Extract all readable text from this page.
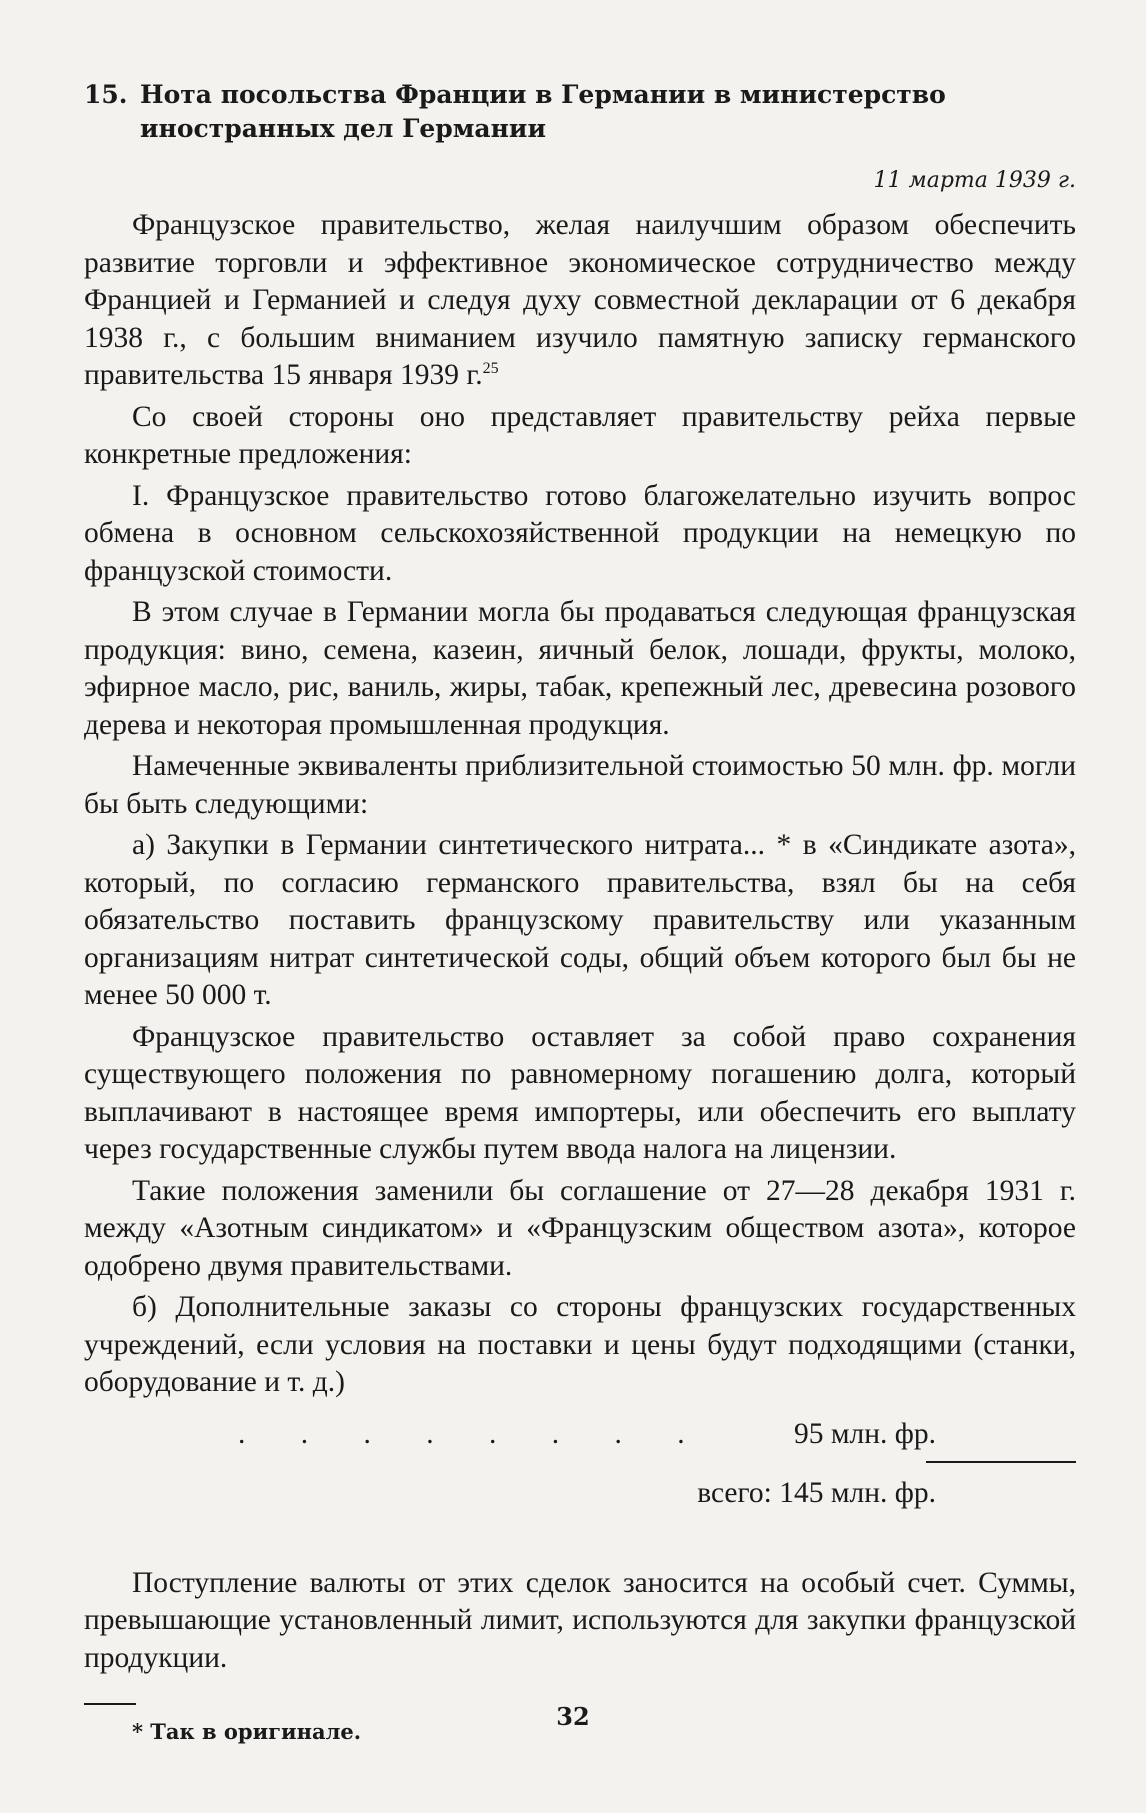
15. Нота посольства Франции в Германии в министерство иностранных дел Германии
11 марта 1939 г.

Французское правительство, желая наилучшим образом обеспечить развитие торговли и эффективное экономическое сотрудничество между Францией и Германией и следуя духу совместной декларации от 6 декабря 1938 г., с большим вниманием изучило памятную записку германского правительства 15 января 1939 г.$^{25}$

Со своей стороны оно представляет правительству рейха первые конкретные предложения:

I. Французское правительство готово благожелательно изучить вопрос обмена в основном сельскохозяйственной продукции на немецкую по французской стоимости.

В этом случае в Германии могла бы продаваться следующая французская продукция: вино, семена, казеин, яичный белок, лошади, фрукты, молоко, эфирное масло, рис, ваниль, жиры, табак, крепежный лес, древесина розового дерева и некоторая промышленная продукция.

Намеченные эквиваленты приблизительной стоимостью 50 млн. фр. могли бы быть следующими:

а) Закупки в Германии синтетического нитрата... * в «Синдикате азота», который, по согласию германского правительства, взял бы на себя обязательство поставить французскому правительству или указанным организациям нитрат синтетической соды, общий объем которого был бы не менее 50 000 т.

Французское правительство оставляет за собой право сохранения существующего положения по равномерному погашению долга, который выплачивают в настоящее время импортеры, или обеспечить его выплату через государственные службы путем ввода налога на лицензии.

Такие положения заменили бы соглашение от 27—28 декабря 1931 г. между «Азотным синдикатом» и «Французским обществом азота», которое одобрено двумя правительствами.

б) Дополнительные заказы со стороны французских государственных учреждений, если условия на поставки и цены будут подходящими (станки, оборудование и т. д.)

. . . . . . . .	95 млн. фр.
всего: 145 млн. фр.

Поступление валюты от этих сделок заносится на особый счет. Суммы, превышающие установленный лимит, используются для закупки французской продукции.

* Так в оригинале.
32
